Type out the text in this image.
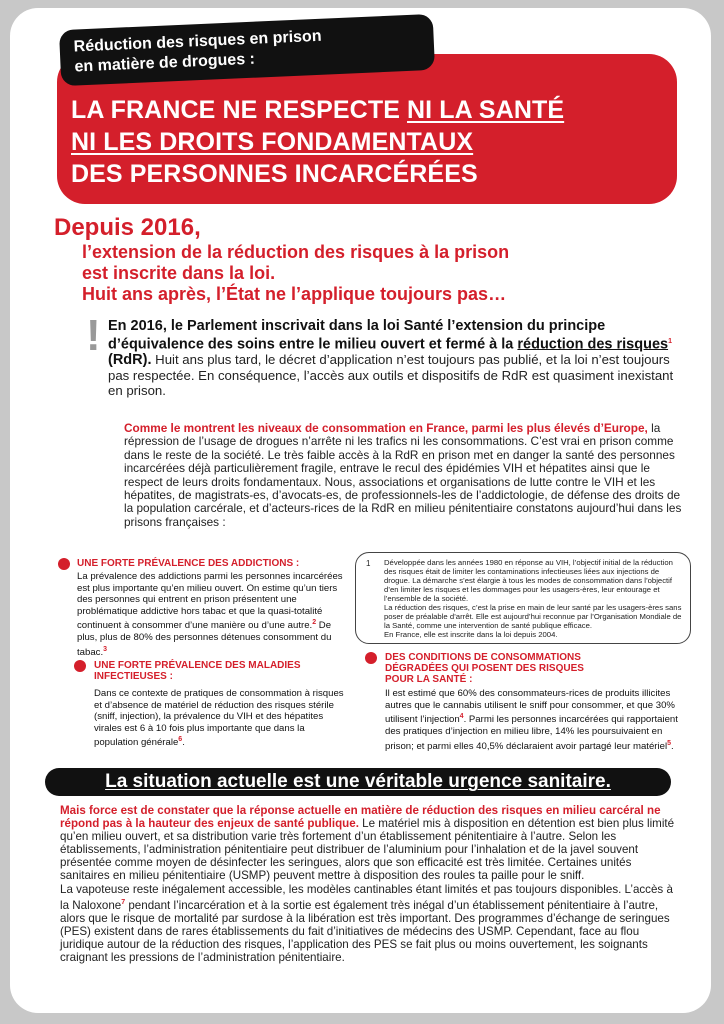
Réduction des risques en prison
en matière de drogues :
LA FRANCE NE RESPECTE NI LA SANTÉ
NI LES DROITS FONDAMENTAUX
DES PERSONNES INCARCÉRÉES
Depuis 2016,
l’extension de la réduction des risques à la prison
est inscrite dans la loi.
Huit ans après, l’État ne l’applique toujours pas…
! En 2016, le Parlement inscrivait dans la loi Santé l’extension du principe d’équivalence des soins entre le milieu ouvert et fermé à la réduction des risques$^1$ (RdR). Huit ans plus tard, le décret d’application n’est toujours pas publié, et la loi n’est toujours pas respectée. En conséquence, l’accès aux outils et dispositifs de RdR est quasiment inexistant en prison.

Comme le montrent les niveaux de consommation en France, parmi les plus élevés d’Europe, la répression de l’usage de drogues n’arrête ni les trafics ni les consommations. C’est vrai en prison comme dans le reste de la société. Le très faible accès à la RdR en prison met en danger la santé des personnes incarcérées déjà particulièrement fragile, entrave le recul des épidémies VIH et hépatites ainsi que le respect de leurs droits fondamentaux. Nous, associations et organisations de lutte contre le VIH et les hépatites, de magistrats-es, d’avocats-es, de professionnels-les de l’addictologie, de défense des droits de la population carcérale, et d’acteurs-rices de la RdR en milieu pénitentiaire constatons aujourd’hui dans les prisons françaises :

UNE FORTE PRÉVALENCE DES ADDICTIONS :

La prévalence des addictions parmi les personnes incarcérées est plus importante qu’en milieu ouvert. On estime qu’un tiers des personnes qui entrent en prison présentent une problématique addictive hors tabac et que la quasi-totalité continuent à consommer d’une manière ou d’une autre.$^2$ De plus, plus de 80% des personnes détenues consomment du tabac.$^3$

UNE FORTE PRÉVALENCE DES MALADIES
INFECTIEUSES :

Dans ce contexte de pratiques de consommation à risques et d’absence de matériel de réduction des risques stérile (sniff, injection), la prévalence du VIH et des hépatites virales est 6 à 10 fois plus importante que dans la population générale$^6$.

1 Développée dans les années 1980 en réponse au VIH, l’objectif initial de la réduction des risques était de limiter les contaminations infectieuses liées aux injections de drogue. La démarche s’est élargie à tous les modes de consommation dans l’objectif d’en limiter les risques et les dommages pour les usagers-ères, leur entourage et l’ensemble de la société.
La réduction des risques, c’est la prise en main de leur santé par les usagers-ères sans poser de préalable d’arrêt. Elle est aujourd’hui reconnue par l’Organisation Mondiale de la Santé, comme une intervention de santé publique efficace.
En France, elle est inscrite dans la loi depuis 2004.

DES CONDITIONS DE CONSOMMATIONS
DÉGRADÉES QUI POSENT DES RISQUES
POUR LA SANTÉ :

Il est estimé que 60% des consommateurs-rices de produits illicites autres que le cannabis utilisent le sniff pour consommer, et que 30% utilisent l’injection$^4$. Parmi les personnes incarcérées qui rapportaient des pratiques d’injection en milieu libre, 14% les poursuivaient en prison; et parmi elles 40,5% déclaraient avoir partagé leur matériel$^5$.

La situation actuelle est une véritable urgence sanitaire.

Mais force est de constater que la réponse actuelle en matière de réduction des risques en milieu carcéral ne répond pas à la hauteur des enjeux de santé publique. Le matériel mis à disposition en détention est bien plus limité qu’en milieu ouvert, et sa distribution varie très fortement d’un établissement pénitentiaire à l’autre. Selon les établissements, l’administration pénitentiaire peut distribuer de l’aluminium pour l’inhalation et de la javel souvent présentée comme moyen de désinfecter les seringues, alors que son efficacité est très limitée. Certaines unités sanitaires en milieu pénitentiaire (USMP) peuvent mettre à disposition des roules ta paille pour le sniff.
La vapoteuse reste inégalement accessible, les modèles cantinables étant limités et pas toujours disponibles. L’accès à la Naloxone$^7$ pendant l’incarcération et à la sortie est également très inégal d’un établissement pénitentiaire à l’autre, alors que le risque de mortalité par surdose à la libération est très important. Des programmes d’échange de seringues (PES) existent dans de rares établissements du fait d’initiatives de médecins des USMP. Cependant, face au flou juridique autour de la réduction des risques, l’application des PES se fait plus ou moins ouvertement, les soignants craignant les pressions de l’administration pénitentiaire.
